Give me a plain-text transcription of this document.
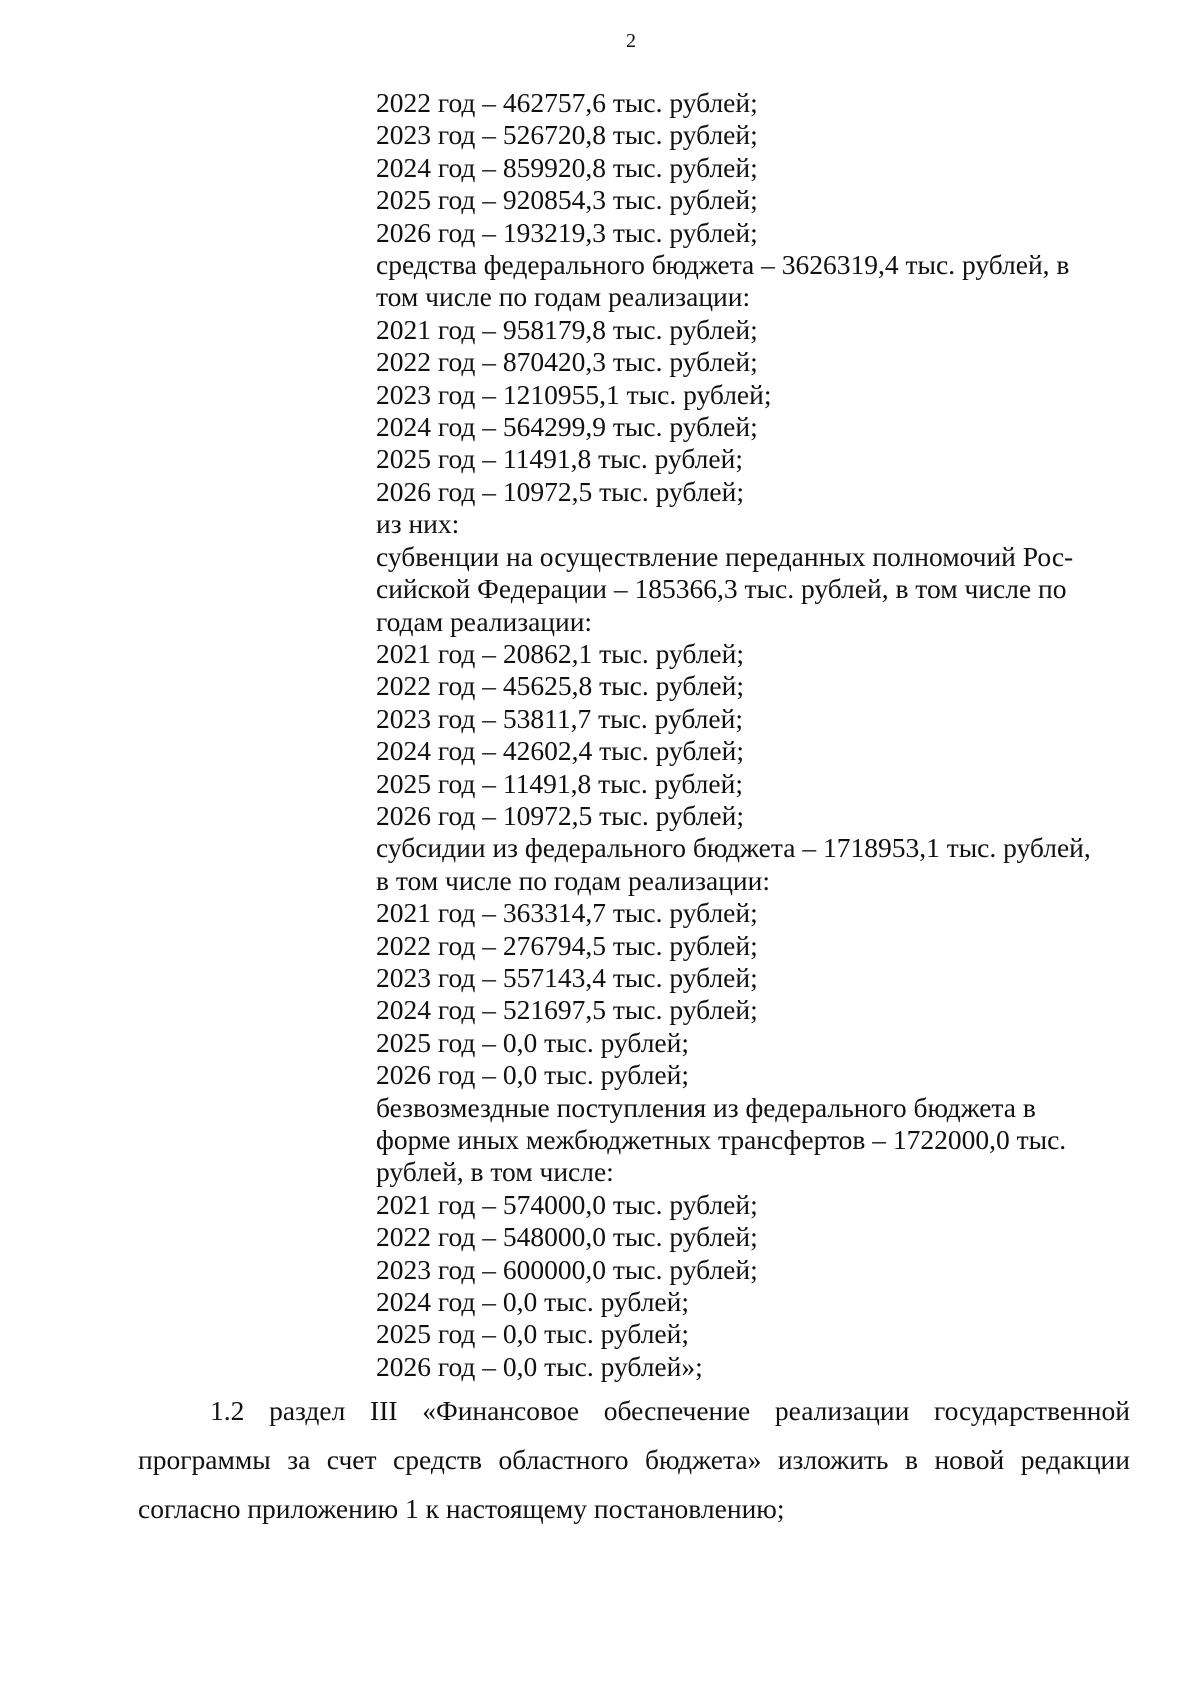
2
2022 год – 462757,6 тыс. рублей;
2023 год – 526720,8 тыс. рублей;
2024 год – 859920,8 тыс. рублей;
2025 год – 920854,3 тыс. рублей;
2026 год – 193219,3 тыс. рублей;
средства федерального бюджета – 3626319,4 тыс. рублей, в
том числе по годам реализации:
2021 год – 958179,8 тыс. рублей;
2022 год – 870420,3 тыс. рублей;
2023 год – 1210955,1 тыс. рублей;
2024 год – 564299,9 тыс. рублей;
2025 год – 11491,8 тыс. рублей;
2026 год – 10972,5 тыс. рублей;
из них:
субвенции на осуществление переданных полномочий Рос-
сийской Федерации – 185366,3 тыс. рублей, в том числе по
годам реализации:
2021 год – 20862,1 тыс. рублей;
2022 год – 45625,8 тыс. рублей;
2023 год – 53811,7 тыс. рублей;
2024 год – 42602,4 тыс. рублей;
2025 год – 11491,8 тыс. рублей;
2026 год – 10972,5 тыс. рублей;
субсидии из федерального бюджета – 1718953,1 тыс. рублей,
в том числе по годам реализации:
2021 год – 363314,7 тыс. рублей;
2022 год – 276794,5 тыс. рублей;
2023 год – 557143,4 тыс. рублей;
2024 год – 521697,5 тыс. рублей;
2025 год – 0,0 тыс. рублей;
2026 год – 0,0 тыс. рублей;
безвозмездные поступления из федерального бюджета в
форме иных межбюджетных трансфертов – 1722000,0 тыс.
рублей, в том числе:
2021 год – 574000,0 тыс. рублей;
2022 год – 548000,0 тыс. рублей;
2023 год – 600000,0 тыс. рублей;
2024 год – 0,0 тыс. рублей;
2025 год – 0,0 тыс. рублей;
2026 год – 0,0 тыс. рублей»;

1.2 раздел III «Финансовое обеспечение реализации государственной программы за счет средств областного бюджета» изложить в новой редакции согласно приложению 1 к настоящему постановлению;
